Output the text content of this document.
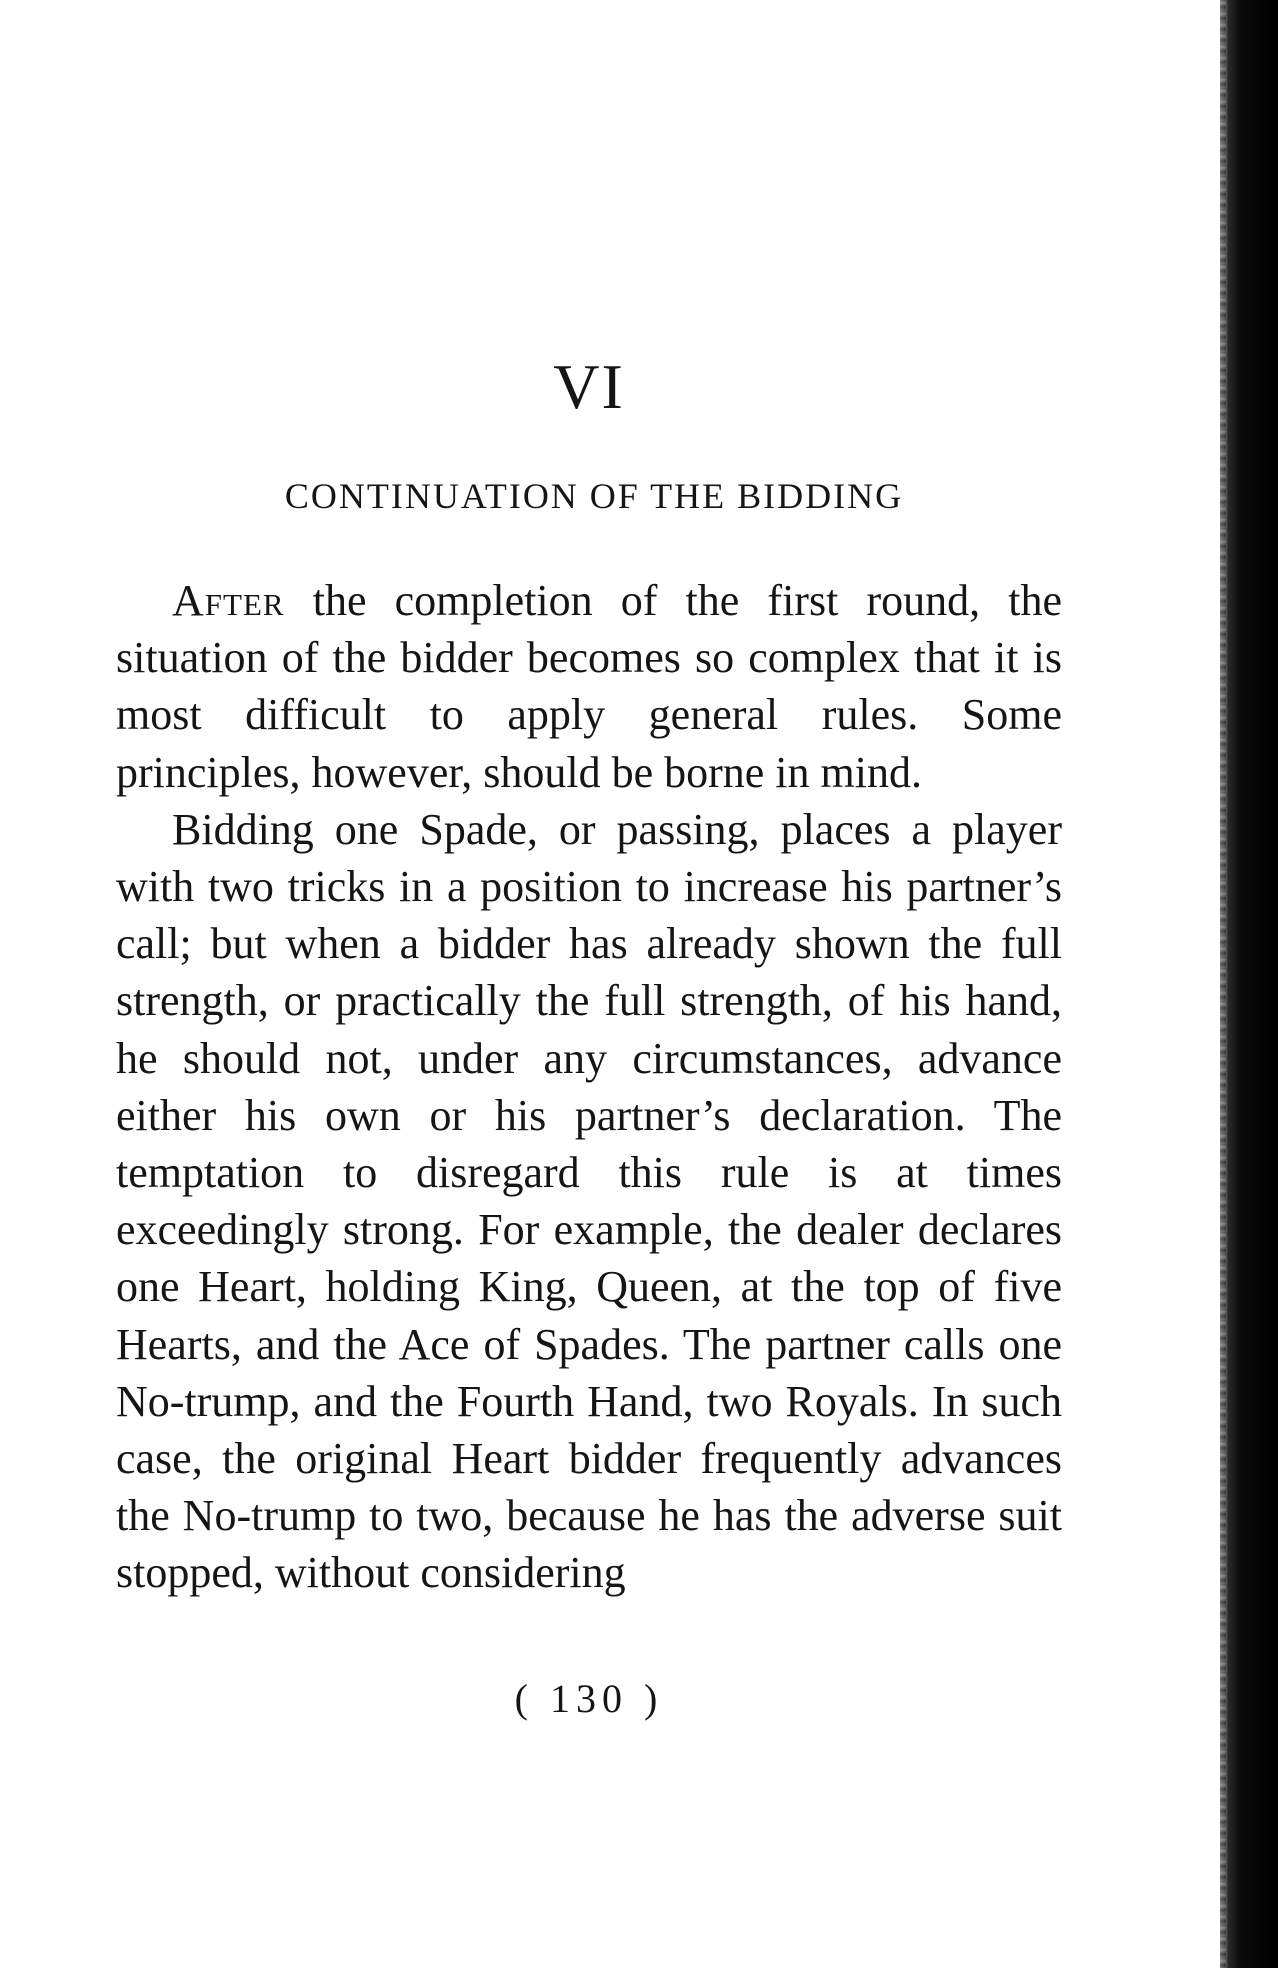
VI
CONTINUATION OF THE BIDDING

After the completion of the first round, the situation of the bidder becomes so complex that it is most difficult to apply general rules. Some principles, however, should be borne in mind.

Bidding one Spade, or passing, places a player with two tricks in a position to increase his partner’s call; but when a bidder has already shown the full strength, or practically the full strength, of his hand, he should not, under any circumstances, advance either his own or his partner’s declaration. The temptation to disregard this rule is at times exceedingly strong. For example, the dealer declares one Heart, holding King, Queen, at the top of five Hearts, and the Ace of Spades. The partner calls one No-trump, and the Fourth Hand, two Royals. In such case, the original Heart bidder frequently advances the No-trump to two, because he has the adverse suit stopped, without considering

( 130 )
